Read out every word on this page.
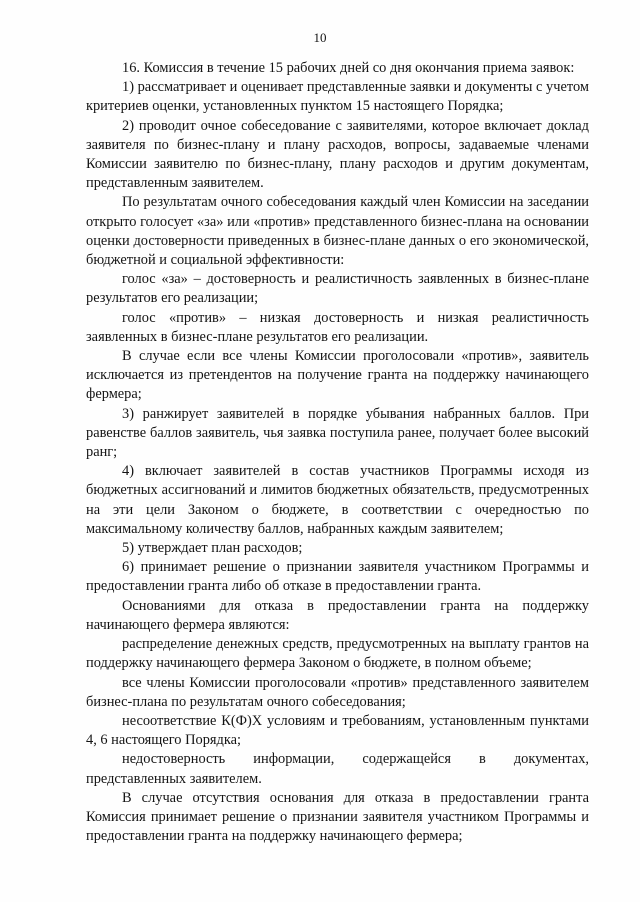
10

16. Комиссия в течение 15 рабочих дней со дня окончания приема заявок:

1) рассматривает и оценивает представленные заявки и документы с учетом критериев оценки, установленных пунктом 15 настоящего Порядка;

2) проводит очное собеседование с заявителями, которое включает доклад заявителя по бизнес-плану и плану расходов, вопросы, задаваемые членами Комиссии заявителю по бизнес-плану, плану расходов и другим документам, представленным заявителем.

По результатам очного собеседования каждый член Комиссии на заседании открыто голосует «за» или «против» представленного бизнес-плана на основании оценки достоверности приведенных в бизнес-плане данных о его экономической, бюджетной и социальной эффективности:

голос «за» – достоверность и реалистичность заявленных в бизнес-плане результатов его реализации;

голос «против» – низкая достоверность и низкая реалистичность заявленных в бизнес-плане результатов его реализации.

В случае если все члены Комиссии проголосовали «против», заявитель исключается из претендентов на получение гранта на поддержку начинающего фермера;

3) ранжирует заявителей в порядке убывания набранных баллов. При равенстве баллов заявитель, чья заявка поступила ранее, получает более высокий ранг;

4) включает заявителей в состав участников Программы исходя из бюджетных ассигнований и лимитов бюджетных обязательств, предусмотренных на эти цели Законом о бюджете, в соответствии с очередностью по максимальному количеству баллов, набранных каждым заявителем;

5) утверждает план расходов;

6) принимает решение о признании заявителя участником Программы и предоставлении гранта либо об отказе в предоставлении гранта.

Основаниями для отказа в предоставлении гранта на поддержку начинающего фермера являются:

распределение денежных средств, предусмотренных на выплату грантов на поддержку начинающего фермера Законом о бюджете, в полном объеме;

все члены Комиссии проголосовали «против» представленного заявителем бизнес-плана по результатам очного собеседования;

несоответствие К(Ф)Х условиям и требованиям, установленным пунктами 4, 6 настоящего Порядка;

недостоверность информации, содержащейся в документах, представленных заявителем.

В случае отсутствия основания для отказа в предоставлении гранта Комиссия принимает решение о признании заявителя участником Программы и предоставлении гранта на поддержку начинающего фермера;
